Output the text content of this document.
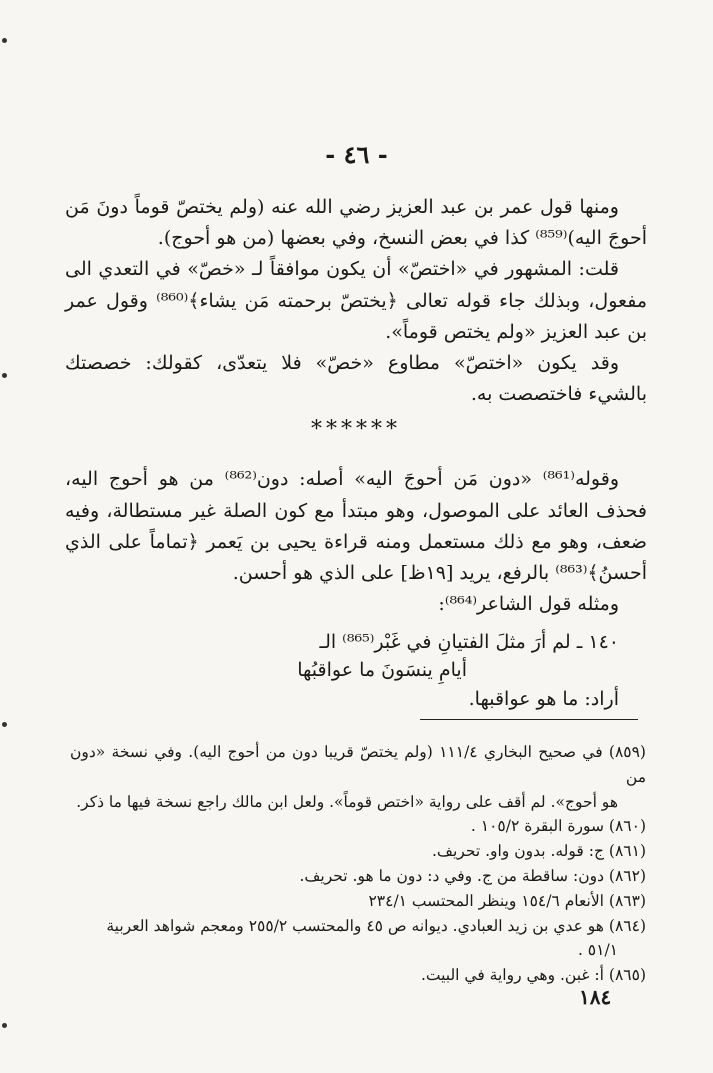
- ٤٦ -

ومنها قول عمر بن عبد العزيز رضي الله عنه (ولم يختصّ قوماً دونَ مَن أحوجَ اليه)⁽⁸⁵⁹⁾ كذا في بعض النسخ، وفي بعضها (من هو أحوج).

قلت: المشهور في «اختصّ» أن يكون موافقاً لـ «خصّ» في التعدي الى مفعول، وبذلك جاء قوله تعالى ﴿يختصّ برحمته مَن يشاء﴾⁽⁸⁶⁰⁾ وقول عمر بن عبد العزيز «ولم يختص قوماً».

وقد يكون «اختصّ» مطاوع «خصّ» فلا يتعدّى، كقولك: خصصتك بالشيء فاختصصت به.

******

وقوله⁽⁸⁶¹⁾ «دون مَن أحوجَ اليه» أصله: دون⁽⁸⁶²⁾ من هو أحوج اليه، فحذف العائد على الموصول، وهو مبتدأ مع كون الصلة غير مستطالة، وفيه ضعف، وهو مع ذلك مستعمل ومنه قراءة يحيى بن يَعمر ﴿تماماً على الذي أحسنُ﴾⁽⁸⁶³⁾ بالرفع، يريد [١٩ظ] على الذي هو أحسن.

ومثله قول الشاعر⁽⁸⁶⁴⁾:

١٤٠ ـ لم أرَ مثلَ الفتيانِ في غَبْر⁽⁸⁶⁵⁾ الـ
أيامِ ينسَونَ ما عواقبُها

أراد: ما هو عواقبها.

(٨٥٩) في صحيح البخاري ١١١/٤ (ولم يختصّ قريبا دون من أحوج اليه). وفي نسخة «دون من
هو أحوج». لم أقف على رواية «اختص قوماً». ولعل ابن مالك راجع نسخة فيها ما ذكر.

(٨٦٠) سورة البقرة ١٠٥/٢ .

(٨٦١) ج: قوله. بدون واو. تحريف.

(٨٦٢) دون: ساقطة من ج. وفي د: دون ما هو. تحريف.

(٨٦٣) الأنعام ١٥٤/٦ وينظر المحتسب ٢٣٤/١

(٨٦٤) هو عدي بن زيد العبادي. ديوانه ص ٤٥ والمحتسب ٢٥٥/٢ ومعجم شواهد العربية
٥١/١ .

(٨٦٥) أ: غبن. وهي رواية في البيت.

١٨٤
